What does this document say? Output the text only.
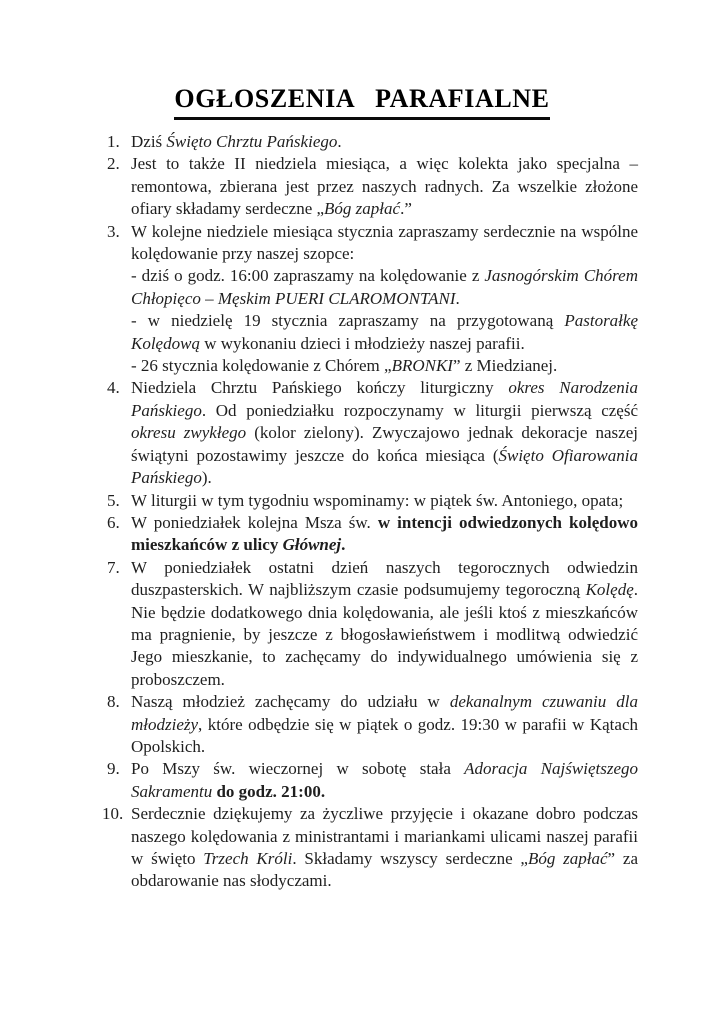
OGŁOSZENIA   PARAFIALNE
1. Dziś Święto Chrztu Pańskiego.
2. Jest to także II niedziela miesiąca, a więc kolekta jako specjalna – remontowa, zbierana jest przez naszych radnych. Za wszelkie złożone ofiary składamy serdeczne „Bóg zapłać.”
3. W kolejne niedziele miesiąca stycznia zapraszamy serdecznie na wspólne kolędowanie przy naszej szopce:
- dziś o godz. 16:00 zapraszamy na kolędowanie z Jasnogórskim Chórem Chłopięco – Męskim PUERI CLAROMONTANI.
- w niedzielę 19 stycznia zapraszamy na przygotowaną Pastorałkę Kolędową w wykonaniu dzieci i młodzieży naszej parafii.
- 26 stycznia kolędowanie z Chórem „BRONKI” z Miedzianej.
4. Niedziela Chrztu Pańskiego kończy liturgiczny okres Narodzenia Pańskiego. Od poniedziałku rozpoczynamy w liturgii pierwszą część okresu zwykłego (kolor zielony). Zwyczajowo jednak dekoracje naszej świątyni pozostawimy jeszcze do końca miesiąca (Święto Ofiarowania Pańskiego).
5. W liturgii w tym tygodniu wspominamy: w piątek św. Antoniego, opata;
6. W poniedziałek kolejna Msza św. w intencji odwiedzonych kolędowo mieszkańców z ulicy Głównej.
7. W poniedziałek ostatni dzień naszych tegorocznych odwiedzin duszpasterskich. W najbliższym czasie podsumujemy tegoroczną Kolędę. Nie będzie dodatkowego dnia kolędowania, ale jeśli ktoś z mieszkańców ma pragnienie, by jeszcze z błogosławieństwem i modlitwą odwiedzić Jego mieszkanie, to zachęcamy do indywidualnego umówienia się z proboszczem.
8. Naszą młodzież zachęcamy do udziału w dekanalnym czuwaniu dla młodzieży, które odbędzie się w piątek o godz. 19:30 w parafii w Kątach Opolskich.
9. Po Mszy św. wieczornej w sobotę stała Adoracja Najświętszego Sakramentu do godz. 21:00.
10. Serdecznie dziękujemy za życzliwe przyjęcie i okazane dobro podczas naszego kolędowania z ministrantami i mariankami ulicami naszej parafii w święto Trzech Króli. Składamy wszyscy serdeczne „Bóg zapłać” za obdarowanie nas słodyczami.
